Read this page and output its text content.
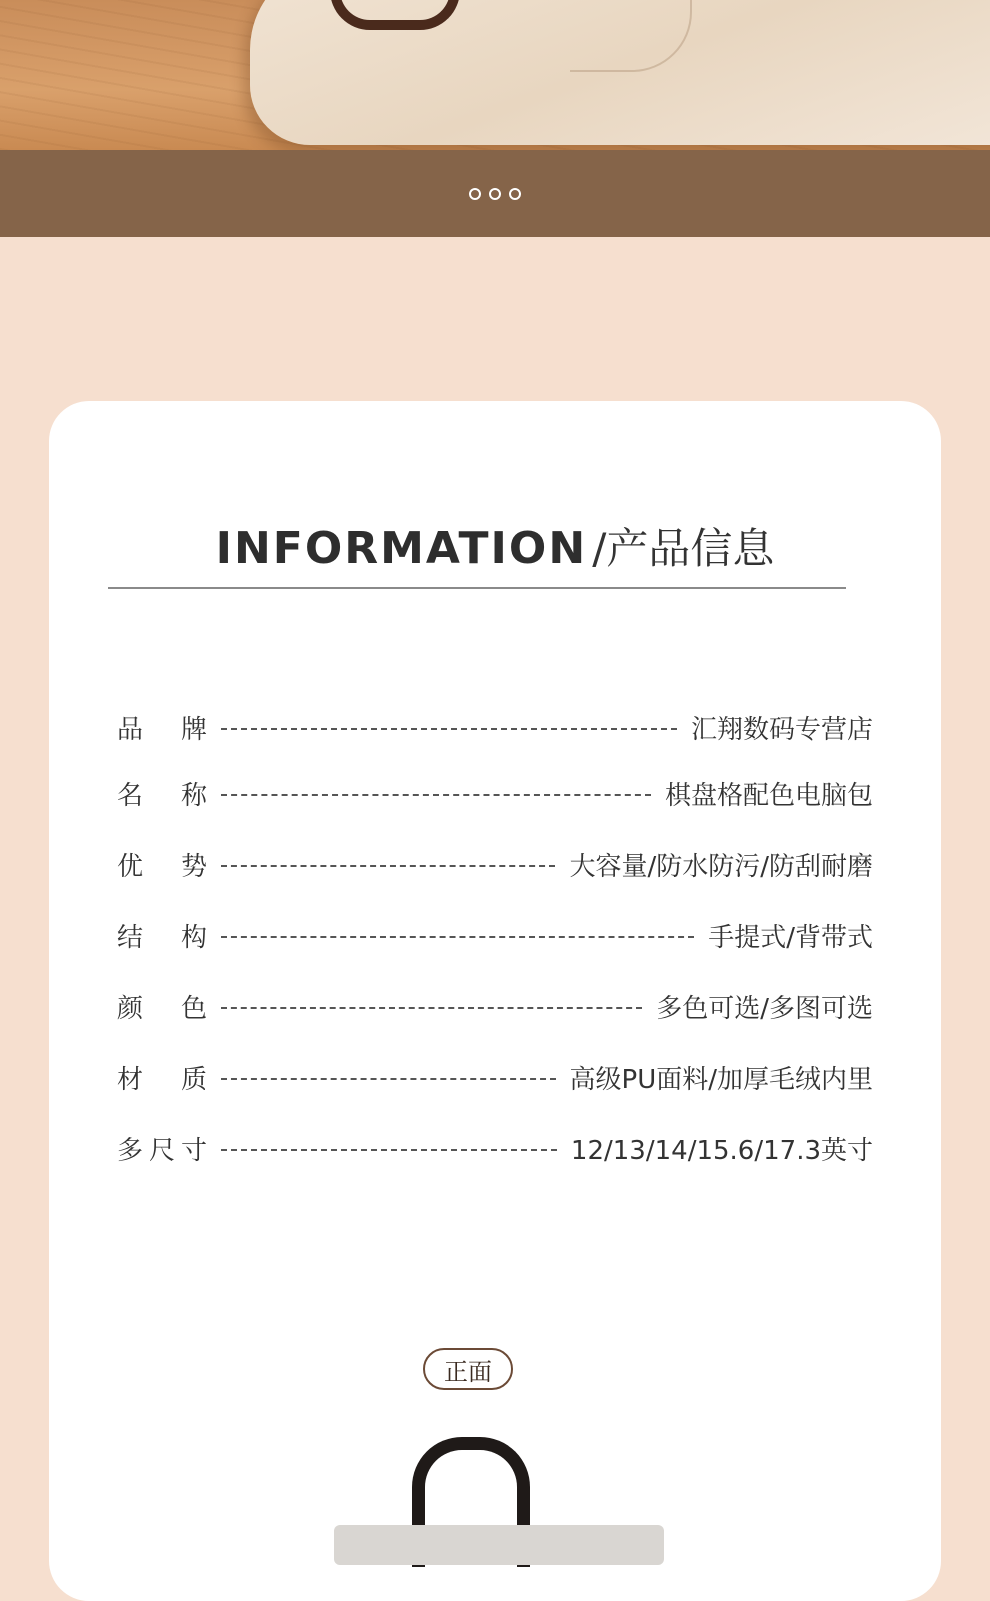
INFORMATION /产品信息
品 牌	汇翔数码专营店
名 称	棋盘格配色电脑包
优 势	大容量/防水防污/防刮耐磨
结 构	手提式/背带式
颜 色	多色可选/多图可选
材 质	高级PU面料/加厚毛绒内里
多 尺 寸	12/13/14/15.6/17.3英寸
正面
